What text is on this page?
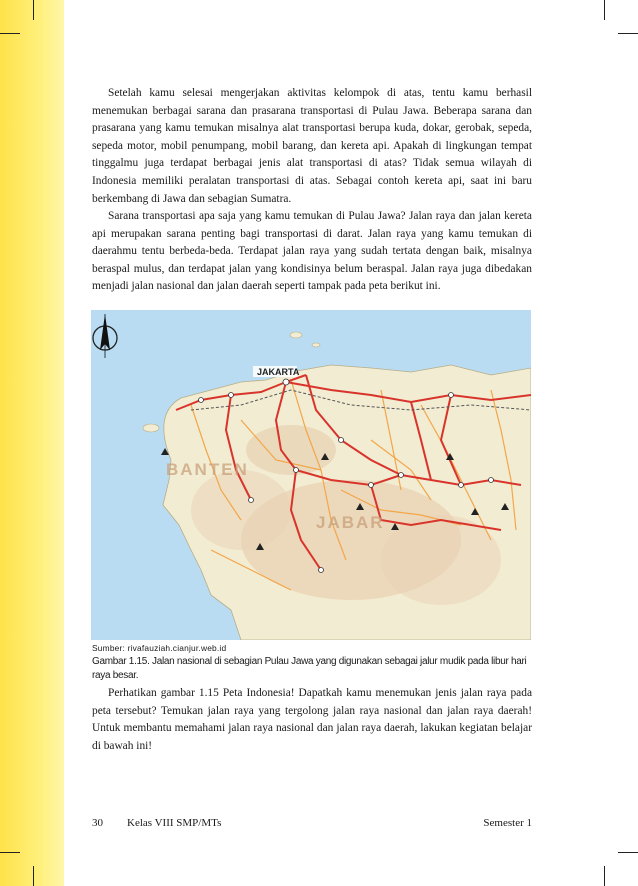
Setelah kamu selesai mengerjakan aktivitas kelompok di atas, tentu kamu berhasil menemukan berbagai sarana dan prasarana transportasi di Pulau Jawa. Beberapa sarana dan prasarana yang kamu temukan misalnya alat transportasi berupa kuda, dokar, gerobak, sepeda, sepeda motor, mobil penumpang, mobil barang, dan kereta api. Apakah di lingkungan tempat tinggalmu juga terdapat berbagai jenis alat transportasi di atas? Tidak semua wilayah di Indonesia memiliki peralatan transportasi di atas. Sebagai contoh kereta api, saat ini baru berkembang di Jawa dan sebagian Sumatra.

Sarana transportasi apa saja yang kamu temukan di Pulau Jawa? Jalan raya dan jalan kereta api merupakan sarana penting bagi transportasi di darat. Jalan raya yang kamu temukan di daerahmu tentu berbeda-beda. Terdapat jalan raya yang sudah tertata dengan baik, misalnya beraspal mulus, dan terdapat jalan yang kondisinya belum beraspal. Jalan raya juga dibedakan menjadi jalan nasional dan jalan daerah seperti tampak pada peta berikut ini.

JAKARTA
BANTEN
JABAR
Sumber: rivafauziah.cianjur.web.id

Gambar 1.15. Jalan nasional di sebagian Pulau Jawa yang digunakan sebagai jalur mudik pada libur hari raya besar.

Perhatikan gambar 1.15 Peta Indonesia! Dapatkah kamu menemukan jenis jalan raya pada peta tersebut? Temukan jalan raya yang tergolong jalan raya nasional dan jalan raya daerah! Untuk membantu memahami jalan raya nasional dan jalan raya daerah, lakukan kegiatan belajar di bawah ini!

30 Kelas VIII SMP/MTs	Semester 1
